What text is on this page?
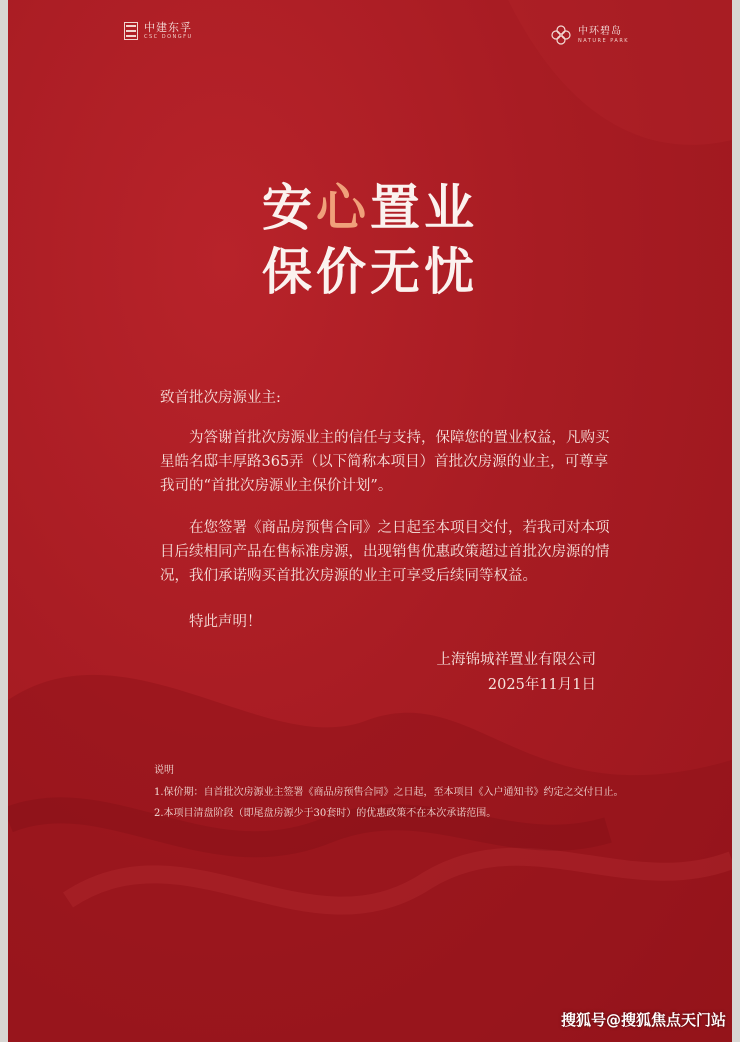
中建东孚
CSC DONGFU	中环碧岛
NATURE PARK
安心置业
保价无忧
致首批次房源业主:
为答谢首批次房源业主的信任与支持，保障您的置业权益，凡购买星皓名邸丰厚路365弄（以下简称本项目）首批次房源的业主，可尊享我司的“首批次房源业主保价计划”。
在您签署《商品房预售合同》之日起至本项目交付，若我司对本项目后续相同产品在售标准房源，出现销售优惠政策超过首批次房源的情况，我们承诺购买首批次房源的业主可享受后续同等权益。
特此声明！
上海锦城祥置业有限公司
2025年11月1日
说明
1.保价期：自首批次房源业主签署《商品房预售合同》之日起，至本项目《入户通知书》约定之交付日止。
2.本项目清盘阶段（即尾盘房源少于30套时）的优惠政策不在本次承诺范围。
搜狐号@搜狐焦点天门站
